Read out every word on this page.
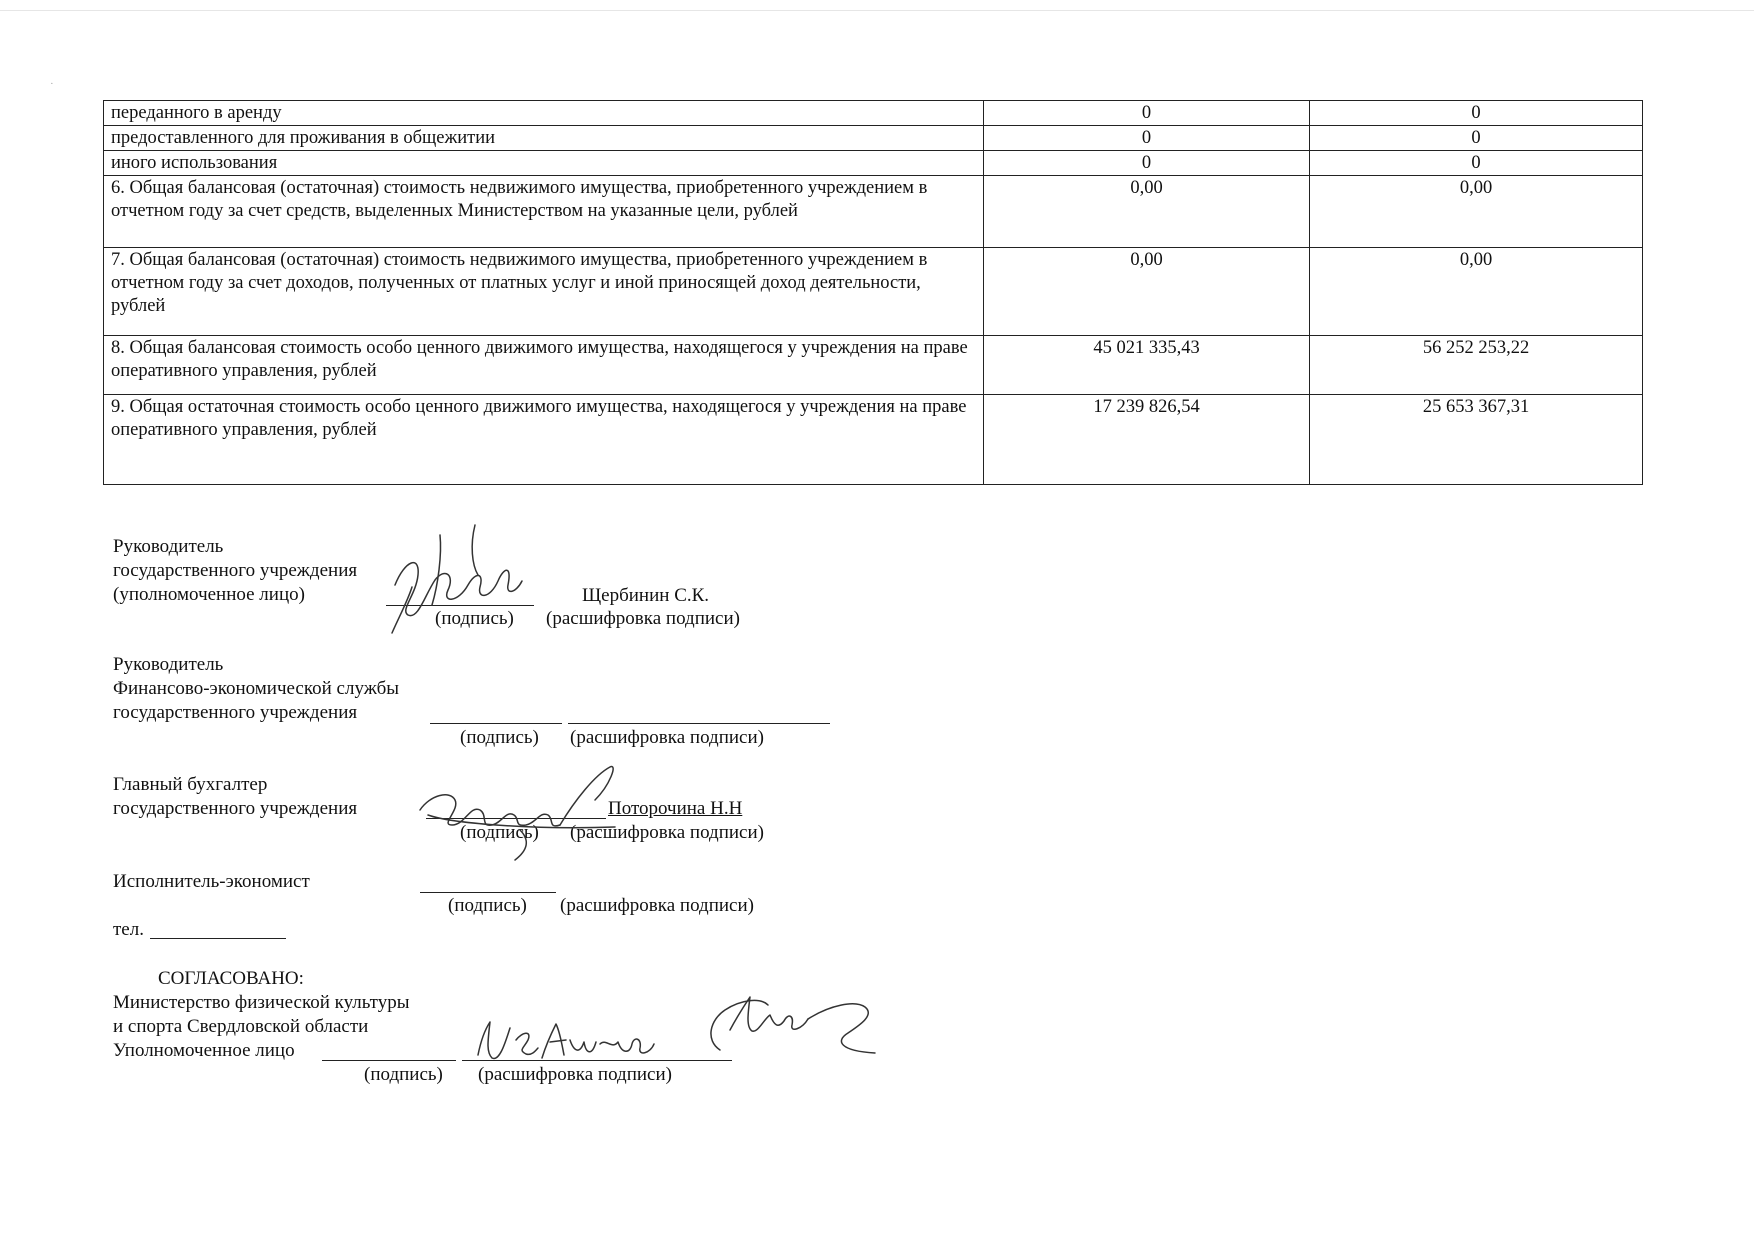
·
переданного в аренду	0	0
предоставленного для проживания в общежитии	0	0
иного использования	0	0
6. Общая балансовая (остаточная) стоимость недвижимого имущества, приобретенного учреждением в отчетном году за счет средств, выделенных Министерством на указанные цели, рублей	0,00	0,00
7. Общая балансовая (остаточная) стоимость недвижимого имущества, приобретенного учреждением в отчетном году за счет доходов, полученных от платных услуг и иной приносящей доход деятельности, рублей	0,00	0,00
8. Общая балансовая стоимость особо ценного движимого имущества, находящегося у учреждения на праве оперативного управления, рублей	45 021 335,43	56 252 253,22
9. Общая остаточная стоимость особо ценного движимого имущества, находящегося у учреждения на праве оперативного управления, рублей	17 239 826,54	25 653 367,31
Руководитель
государственного учреждения
(уполномоченное лицо)	Щербинин С.К.
(подпись) (расшифровка подписи)
Руководитель
Финансово-экономической службы
государственного учреждения
(подпись) (расшифровка подписи)
Главный бухгалтер
государственного учреждения	Поторочина Н.Н
(подпись) (расшифровка подписи)
Исполнитель-экономист
(подпись) (расшифровка подписи)
тел.
СОГЛАСОВАНО:
Министерство физической культуры
и спорта Свердловской области
Уполномоченное лицо
(подпись) (расшифровка подписи)
